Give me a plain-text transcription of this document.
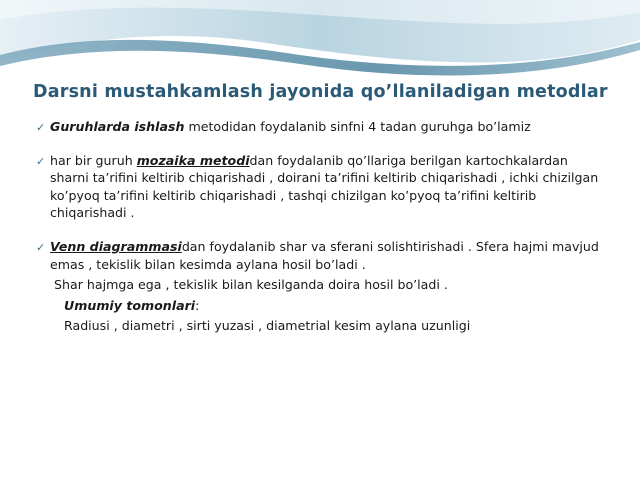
Darsni mustahkamlash jayonida qo’llaniladigan metodlar
✓ Guruhlarda ishlash metodidan foydalanib sinfni 4 tadan guruhga bo’lamiz
✓ har bir guruh mozaika metodidan foydalanib qo’llariga berilgan kartochkalardan sharni ta’rifini keltirib chiqarishadi , doirani ta’rifini keltirib chiqarishadi , ichki chizilgan ko’pyoq ta’rifini keltirib chiqarishadi , tashqi chizilgan ko’pyoq ta’rifini keltirib chiqarishadi .
✓ Venn diagrammasidan foydalanib shar va sferani solishtirishadi . Sfera hajmi mavjud emas , tekislik bilan kesimda aylana hosil bo’ladi .
Shar hajmga ega , tekislik bilan kesilganda doira hosil bo’ladi .
Umumiy tomonlari:
Radiusi , diametri , sirti yuzasi , diametrial kesim aylana uzunligi
